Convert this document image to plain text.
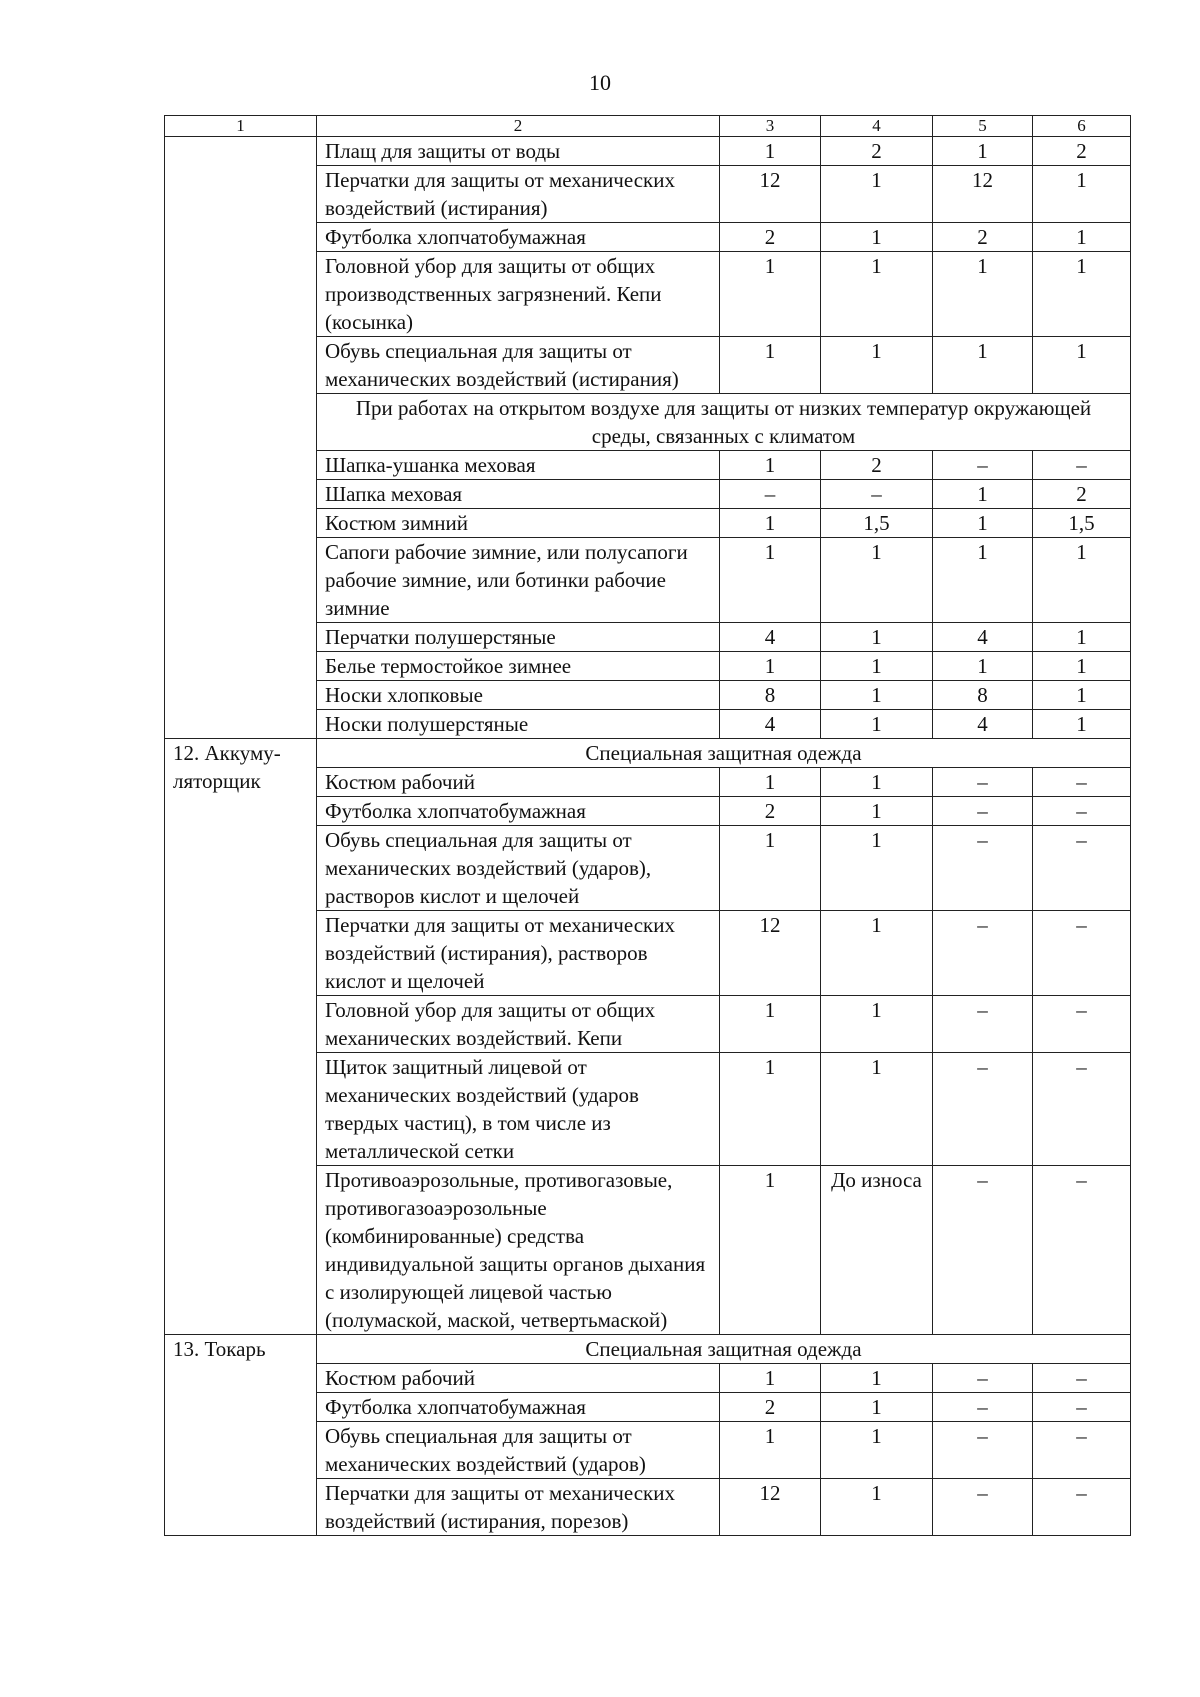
10
1	2	3	4	5	6
	Плащ для защиты от воды	1	2	1	2
	Перчатки для защиты от механических воздействий (истирания)	12	1	12	1
	Футболка хлопчатобумажная	2	1	2	1
	Головной убор для защиты от общих производственных загрязнений. Кепи (косынка)	1	1	1	1
	Обувь специальная для защиты от механических воздействий (истирания)	1	1	1	1
	При работах на открытом воздухе для защиты от низких температур окружающей среды, связанных с климатом				
	Шапка-ушанка меховая	1	2	–	–
	Шапка меховая	–	–	1	2
	Костюм зимний	1	1,5	1	1,5
	Сапоги рабочие зимние, или полусапоги рабочие зимние, или ботинки рабочие зимние	1	1	1	1
	Перчатки полушерстяные	4	1	4	1
	Белье термостойкое зимнее	1	1	1	1
	Носки хлопковые	8	1	8	1
	Носки полушерстяные	4	1	4	1
12. Аккуму-ляторщик	Специальная защитная одежда				
	Костюм рабочий	1	1	–	–
	Футболка хлопчатобумажная	2	1	–	–
	Обувь специальная для защиты от механических воздействий (ударов), растворов кислот и щелочей	1	1	–	–
	Перчатки для защиты от механических воздействий (истирания), растворов кислот и щелочей	12	1	–	–
	Головной убор для защиты от общих механических воздействий. Кепи	1	1	–	–
	Щиток защитный лицевой от механических воздействий (ударов твердых частиц), в том числе из металлической сетки	1	1	–	–
	Противоаэрозольные, противогазовые, противогазоаэрозольные (комбинированные) средства индивидуальной защиты органов дыхания с изолирующей лицевой частью (полумаской, маской, четвертьмаской)	1	До износа	–	–
13. Токарь	Специальная защитная одежда				
	Костюм рабочий	1	1	–	–
	Футболка хлопчатобумажная	2	1	–	–
	Обувь специальная для защиты от механических воздействий (ударов)	1	1	–	–
	Перчатки для защиты от механических воздействий (истирания, порезов)	12	1	–	–
